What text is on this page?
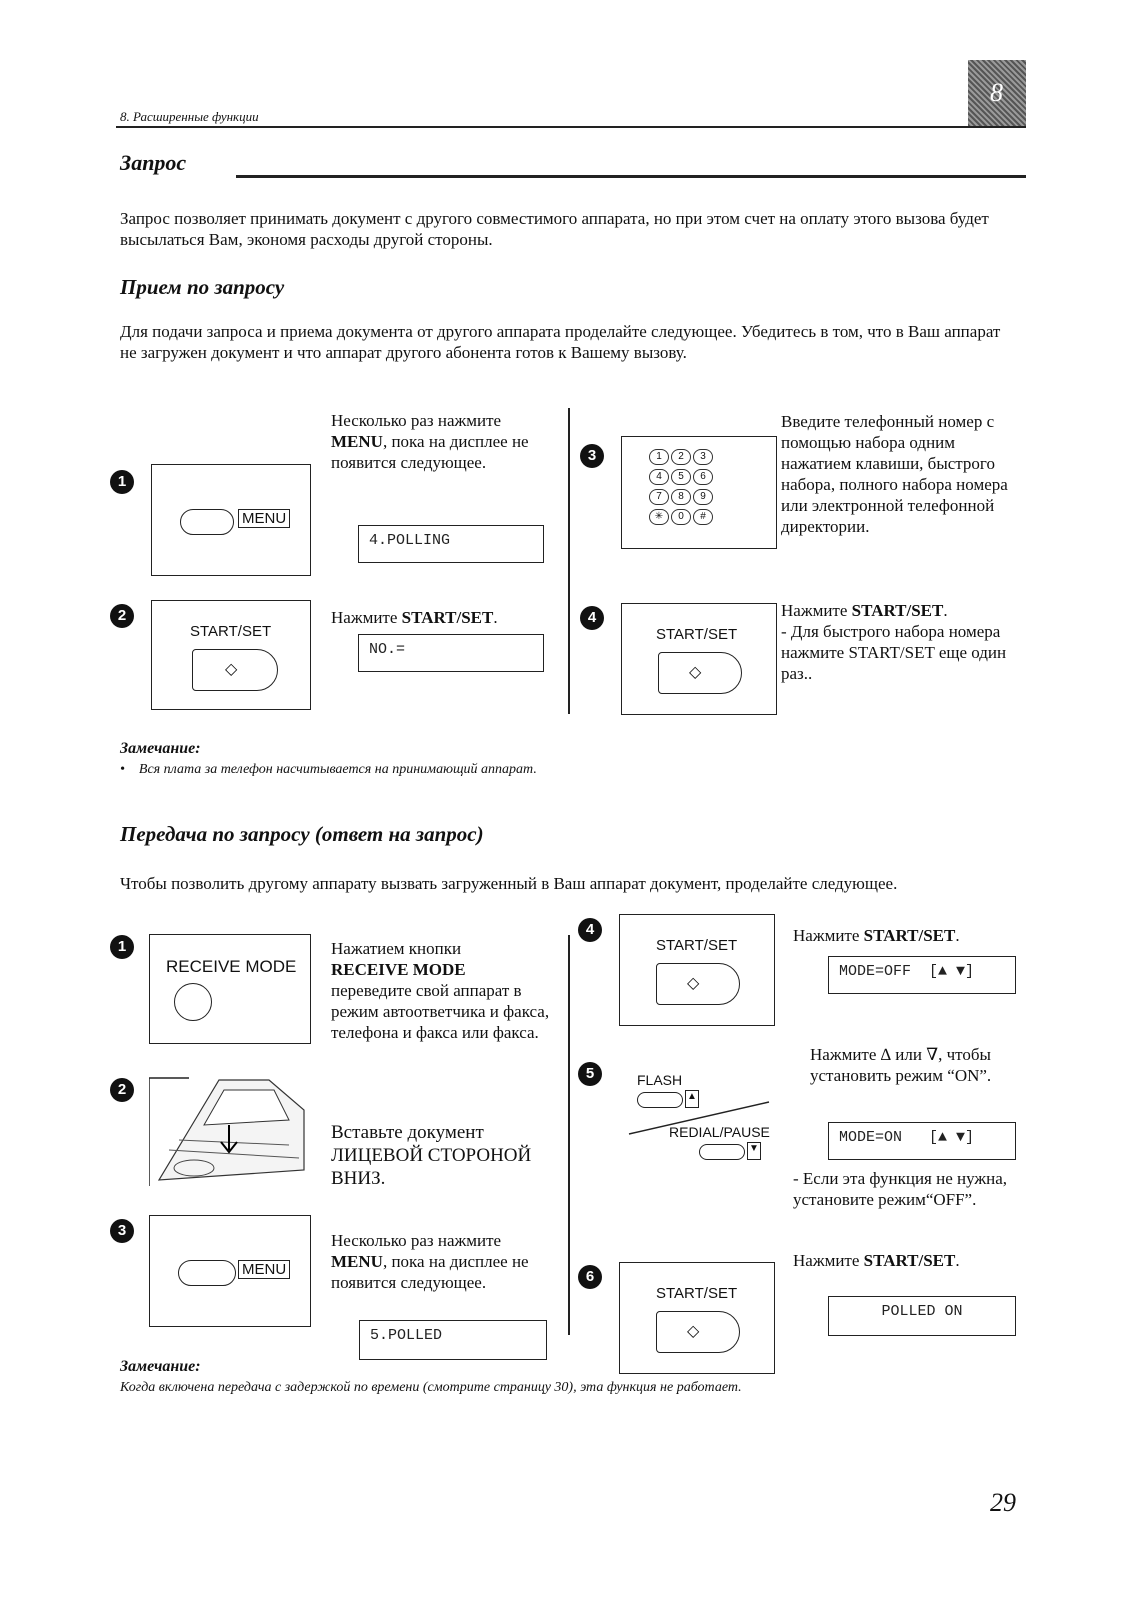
8. Расширенные функции
8
Запрос
Запрос позволяет принимать документ с другого совместимого аппарата, но при этом счет на оплату этого вызова будет высылаться Вам, экономя расходы другой стороны.
Прием по запросу
Для подачи запроса и приема документа от другого аппарата проделайте следующее. Убедитесь в том, что в Ваш аппарат не загружен документ и что аппарат другого абонента готов к Вашему вызову.
1
MENU
Несколько раз нажмите MENU, пока на дисплее не появится следующее.
4.POLLING
2
START/SET
◇
Нажмите START/SET.
NO.=
3	1 2 3
4 5 6
7 8 9
✳ 0 #
Введите телефонный номер с помощью набора одним нажатием клавиши, быстрого набора, полного набора номера или электронной телефонной директории.
4
START/SET
◇
Нажмите START/SET.
- Для быстрого набора номера нажмите START/SET еще один раз..
Замечание:
•    Вся плата за телефон насчитывается на принимающий аппарат.
Передача по запросу (ответ на запрос)
Чтобы позволить другому аппарату вызвать загруженный в Ваш аппарат документ, проделайте следующее.
1
RECEIVE MODE
Нажатием кнопки
RECEIVE MODE
переведите свой аппарат в режим автоответчика и факса, телефона и факса или факса.
2
Вставьте документ ЛИЦЕВОЙ СТОРОНОЙ ВНИЗ.
3
MENU
Несколько раз нажмите MENU, пока на дисплее не появится следующее.
5.POLLED
4
START/SET
◇
Нажмите START/SET.
MODE=OFF  [▲ ▼]
5	FLASH
▲
REDIAL/PAUSE
▼
Нажмите ∆ или ∇, чтобы установить режим “ON”.
MODE=ON   [▲ ▼]
- Если эта функция не нужна, установите режим“OFF”.
6
START/SET
◇
Нажмите START/SET.
POLLED ON
Замечание:
Когда включена передача с задержкой по времени (смотрите страницу 30), эта функция не работает.
29
